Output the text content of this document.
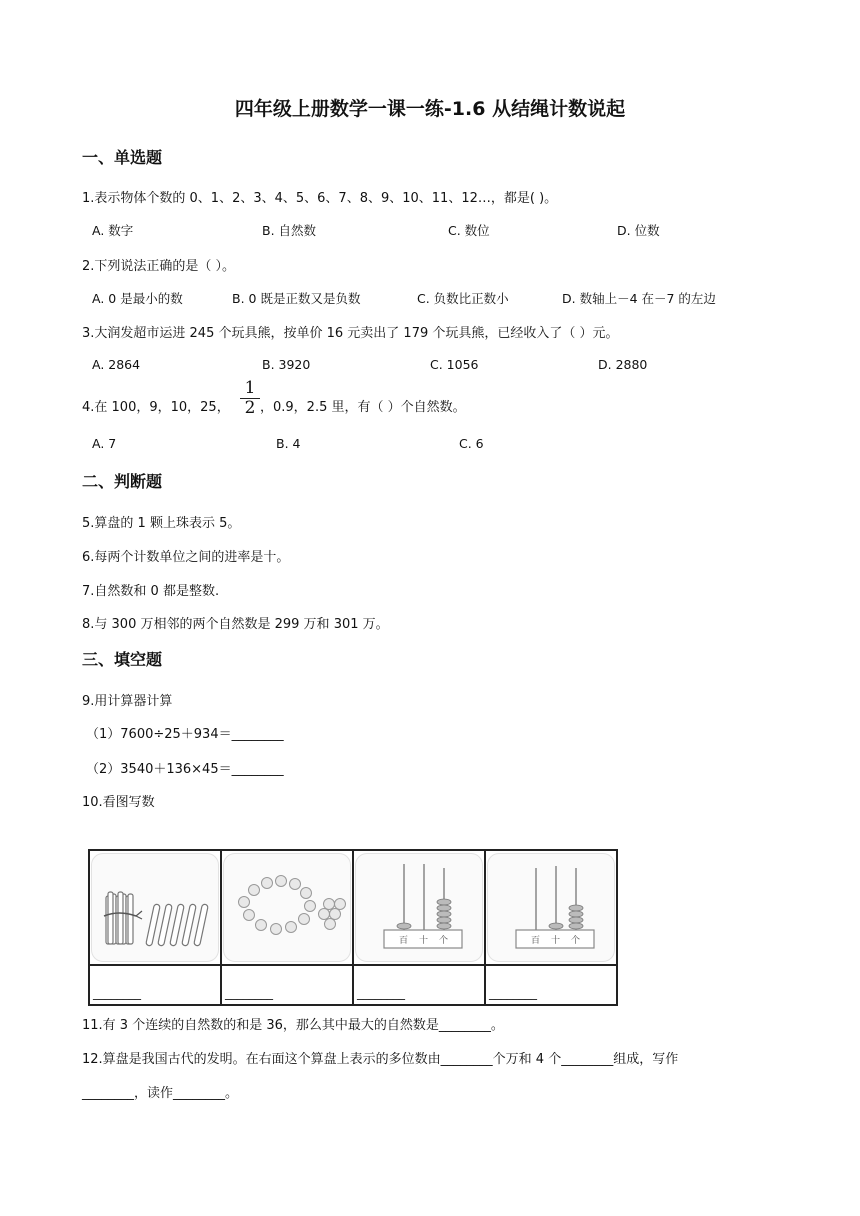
四年级上册数学一课一练-1.6 从结绳计数说起
一、单选题
1.表示物体个数的 0、1、2、3、4、5、6、7、8、9、10、11、12…，都是( )。
A. 数字	B. 自然数	C. 数位	D. 位数
2.下列说法正确的是（ ）。
A. 0 是最小的数	B. 0 既是正数又是负数	C. 负数比正数小	D. 数轴上－4 在－7 的左边
3.大润发超市运进 245 个玩具熊，按单价 16 元卖出了 179 个玩具熊，已经收入了（ ）元。
A. 2864	B. 3920	C. 1056	D. 2880
4.在 100，9，10，25， $\frac{1}{2}$ ，0.9，2.5 里，有（ ）个自然数。
A. 7	B. 4	C. 6
二、判断题
5.算盘的 1 颗上珠表示 5。
6.每两个计数单位之间的进率是十。
7.自然数和 0 都是整数.
8.与 300 万相邻的两个自然数是 299 万和 301 万。
三、填空题
9.用计算器计算
（1）7600÷25＋934＝________
（2）3540＋136×45＝________
10.看图写数

百 十 个	百 十 个

________	________	________	________
11.有 3 个连续的自然数的和是 36，那么其中最大的自然数是________。
12.算盘是我国古代的发明。在右面这个算盘上表示的多位数由________个万和 4 个________组成，写作
________，读作________。
